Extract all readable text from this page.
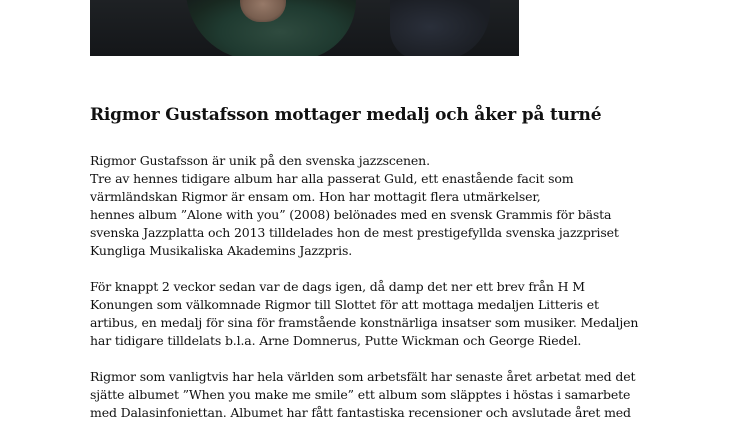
Rigmor Gustafsson mottager medalj och åker på turné

Rigmor Gustafsson är unik på den svenska jazzscenen.
Tre av hennes tidigare album har alla passerat Guld, ett enastående facit som
värmländskan Rigmor är ensam om. Hon har mottagit flera utmärkelser,
hennes album ”Alone with you” (2008) belönades med en svensk Grammis för bästa
svenska Jazzplatta och 2013 tilldelades hon de mest prestigefyllda svenska jazzpriset
Kungliga Musikaliska Akademins Jazzpris.

För knappt 2 veckor sedan var de dags igen, då damp det ner ett brev från H M
Konungen som välkomnade Rigmor till Slottet för att mottaga medaljen Litteris et
artibus, en medalj för sina för framstående konstnärliga insatser som musiker. Medaljen
har tidigare tilldelats b.l.a. Arne Domnerus, Putte Wickman och George Riedel.

Rigmor som vanligtvis har hela världen som arbetsfält har senaste året arbetat med det
sjätte albumet ”When you make me smile” ett album som släpptes i höstas i samarbete
med Dalasinfoniettan. Albumet har fått fantastiska recensioner och avslutade året med
